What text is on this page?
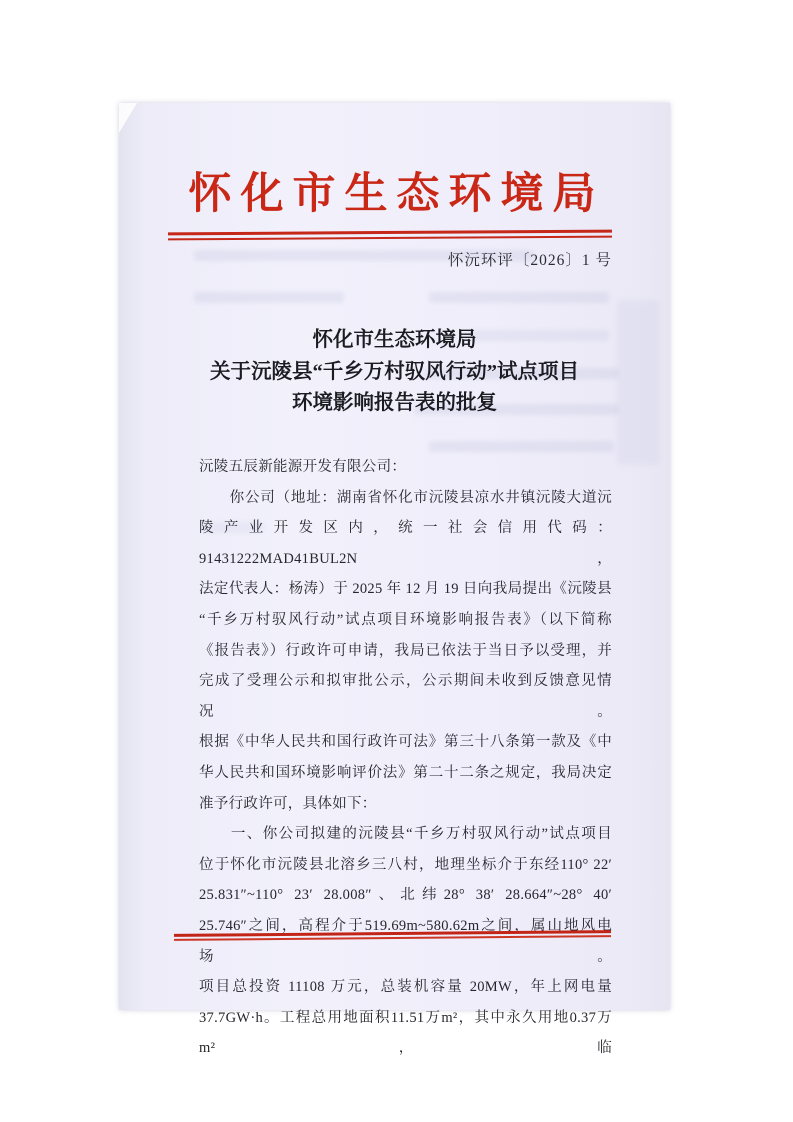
怀化市生态环境局
怀沅环评〔2026〕1 号
怀化市生态环境局
关于沅陵县“千乡万村驭风行动”试点项目
环境影响报告表的批复
沅陵五辰新能源开发有限公司：
　　你公司（地址：湖南省怀化市沅陵县凉水井镇沅陵大道沅
陵产业开发区内，统一社会信用代码：91431222MAD41BUL2N，
法定代表人：杨涛）于 2025 年 12 月 19 日向我局提出《沅陵县
“千乡万村驭风行动”试点项目环境影响报告表》（以下简称
《报告表》）行政许可申请，我局已依法于当日予以受理，并
完成了受理公示和拟审批公示，公示期间未收到反馈意见情况。
根据《中华人民共和国行政许可法》第三十八条第一款及《中
华人民共和国环境影响评价法》第二十二条之规定，我局决定
准予行政许可，具体如下：
　　一、你公司拟建的沅陵县“千乡万村驭风行动”试点项目
位于怀化市沅陵县北溶乡三八村，地理坐标介于东经110° 22′
25.831″~110° 23′ 28.008″、北纬28° 38′ 28.664″~28° 40′
25.746″之间，高程介于519.69m~580.62m之间，属山地风电场。
项目总投资 11108 万元，总装机容量 20MW，年上网电量
37.7GW·h。工程总用地面积11.51万m²，其中永久用地0.37万m²，临
